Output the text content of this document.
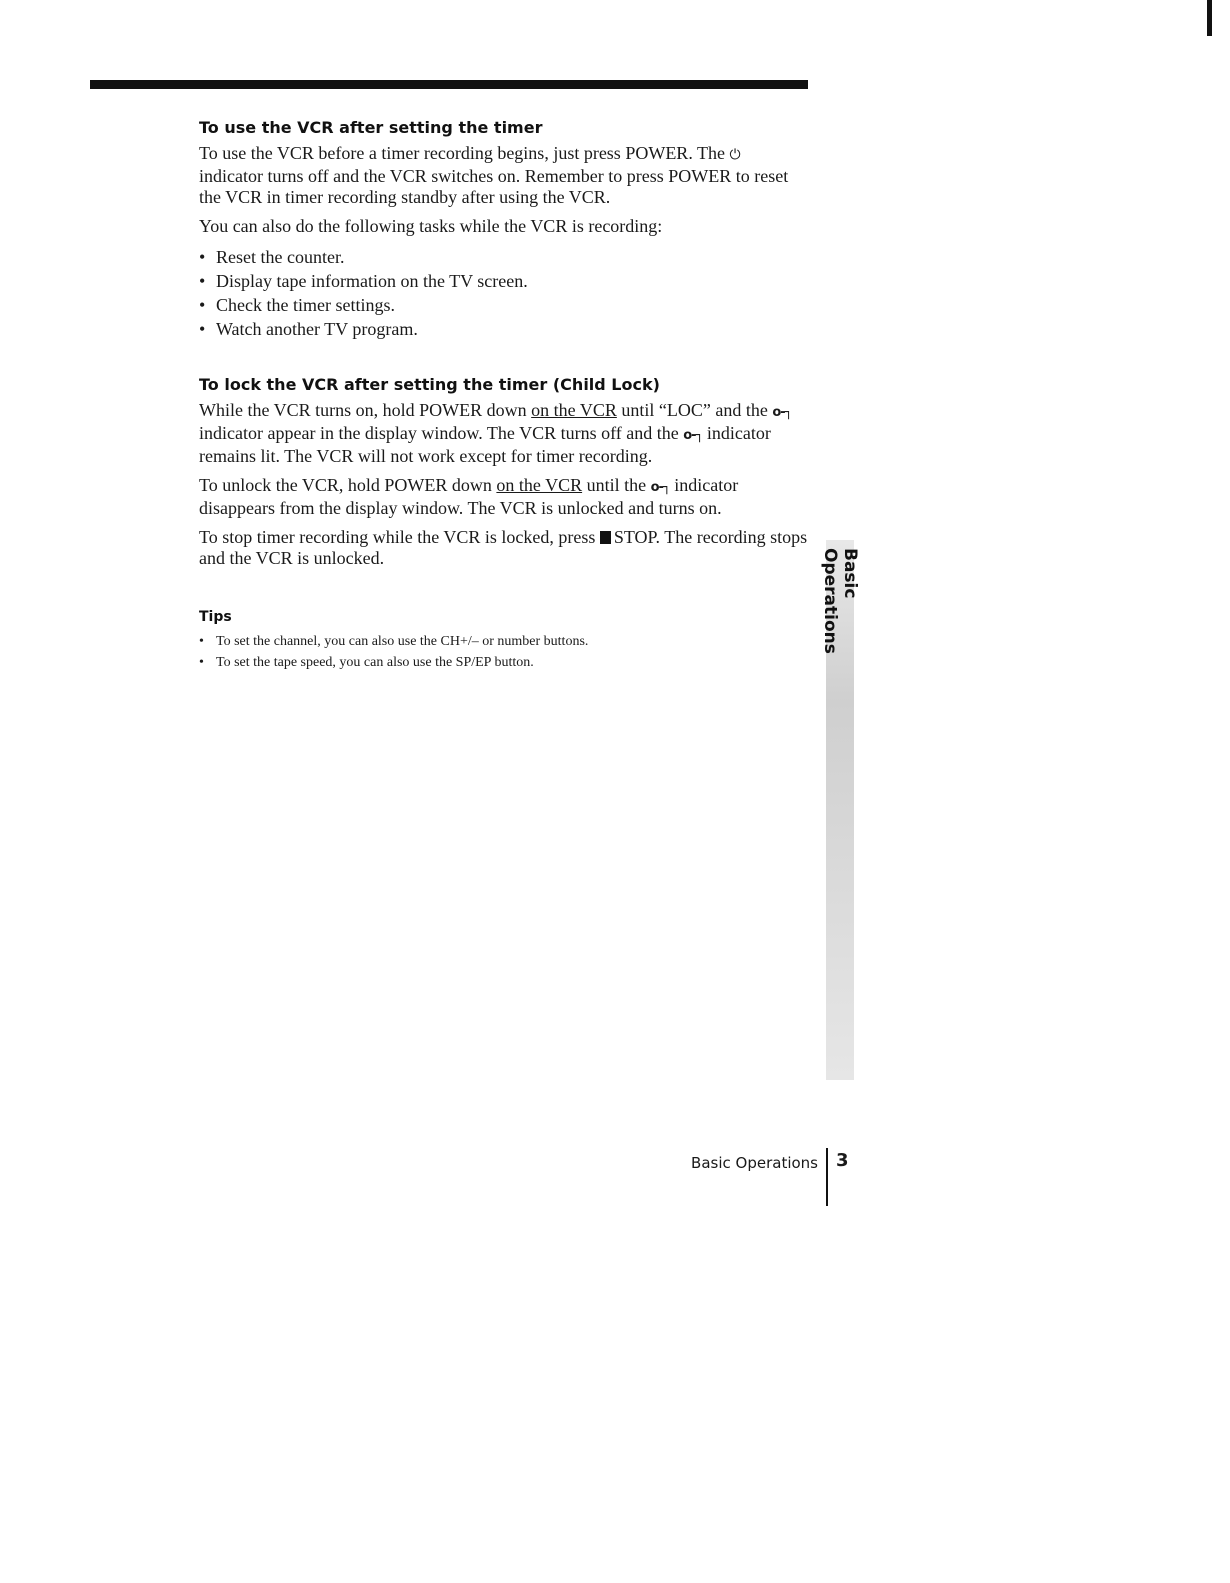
To use the VCR after setting the timer

To use the VCR before a timer recording begins, just press POWER. The ⏻ indicator turns off and the VCR switches on. Remember to press POWER to reset the VCR in timer recording standby after using the VCR.

You can also do the following tasks while the VCR is recording:

• Reset the counter.
• Display tape information on the TV screen.
• Check the timer settings.
• Watch another TV program.
To lock the VCR after setting the timer (Child Lock)

While the VCR turns on, hold POWER down on the VCR until “LOC” and the o-┐ indicator appear in the display window. The VCR turns off and the o-┐ indicator remains lit. The VCR will not work except for timer recording.

To unlock the VCR, hold POWER down on the VCR until the o-┐ indicator disappears from the display window. The VCR is unlocked and turns on.

To stop timer recording while the VCR is locked, press STOP. The recording stops and the VCR is unlocked.

Tips
• To set the channel, you can also use the CH+/– or number buttons.
• To set the tape speed, you can also use the SP/EP button.
Basic Operations
Basic Operations 3
